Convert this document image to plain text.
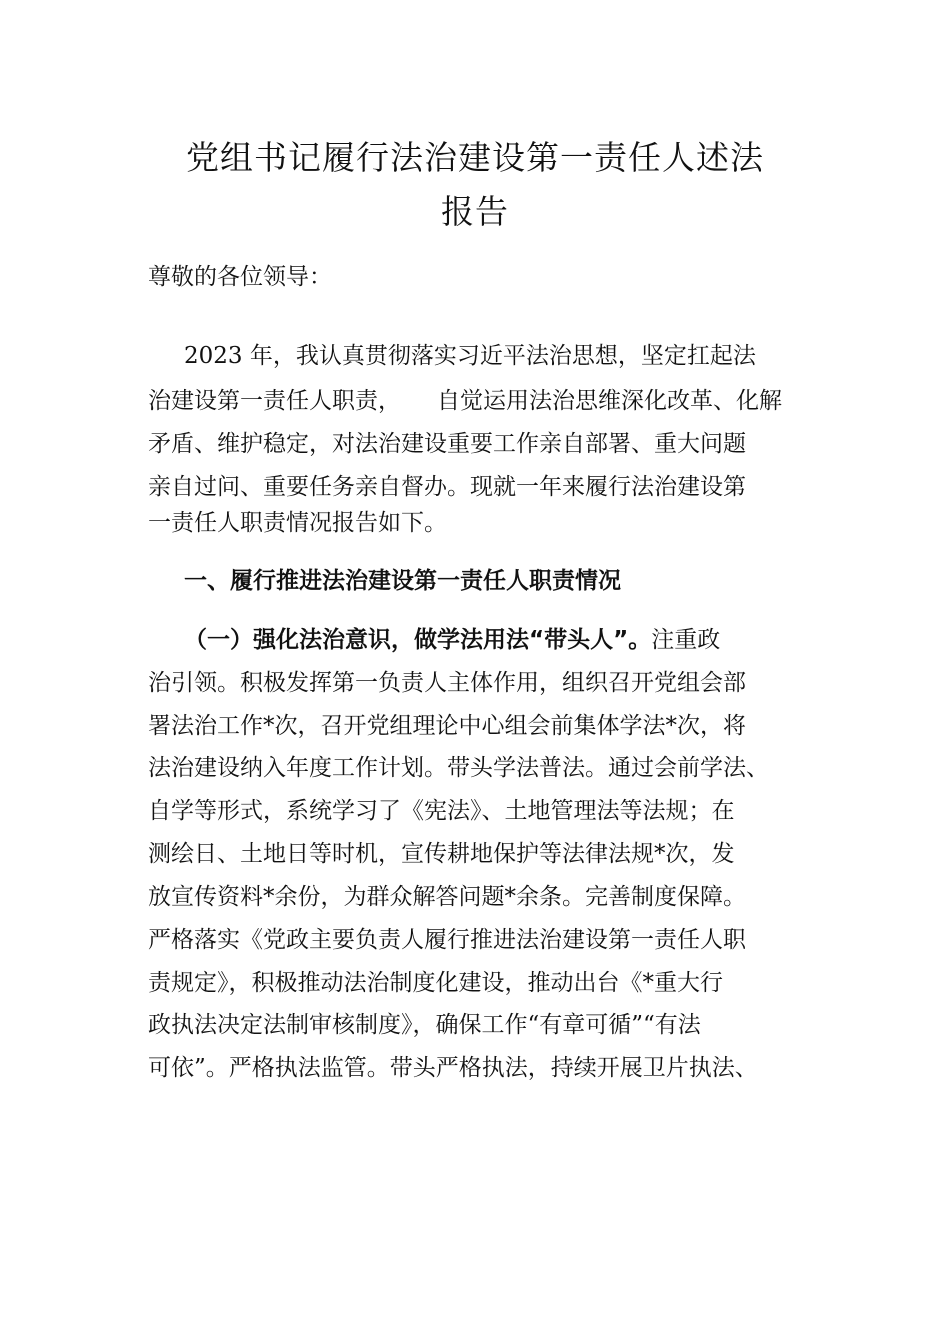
党组书记履行法治建设第一责任人述法
报告
尊敬的各位领导：
2023 年，我认真贯彻落实习近平法治思想，坚定扛起法
治建设第一责任人职责， 自觉运用法治思维深化改革、化解
矛盾、维护稳定，对法治建设重要工作亲自部署、重大问题
亲自过问、重要任务亲自督办。现就一年来履行法治建设第
一责任人职责情况报告如下。
一、履行推进法治建设第一责任人职责情况
（一）强化法治意识，做学法用法“带头人”。注重政
治引领。积极发挥第一负责人主体作用，组织召开党组会部
署法治工作*次，召开党组理论中心组会前集体学法*次，将
法治建设纳入年度工作计划。带头学法普法。通过会前学法、
自学等形式，系统学习了《宪法》、土地管理法等法规；在
测绘日、土地日等时机，宣传耕地保护等法律法规*次，发
放宣传资料*余份，为群众解答问题*余条。完善制度保障。
严格落实《党政主要负责人履行推进法治建设第一责任人职
责规定》，积极推动法治制度化建设，推动出台《*重大行
政执法决定法制审核制度》，确保工作“有章可循”“有法
可依”。严格执法监管。带头严格执法，持续开展卫片执法、
